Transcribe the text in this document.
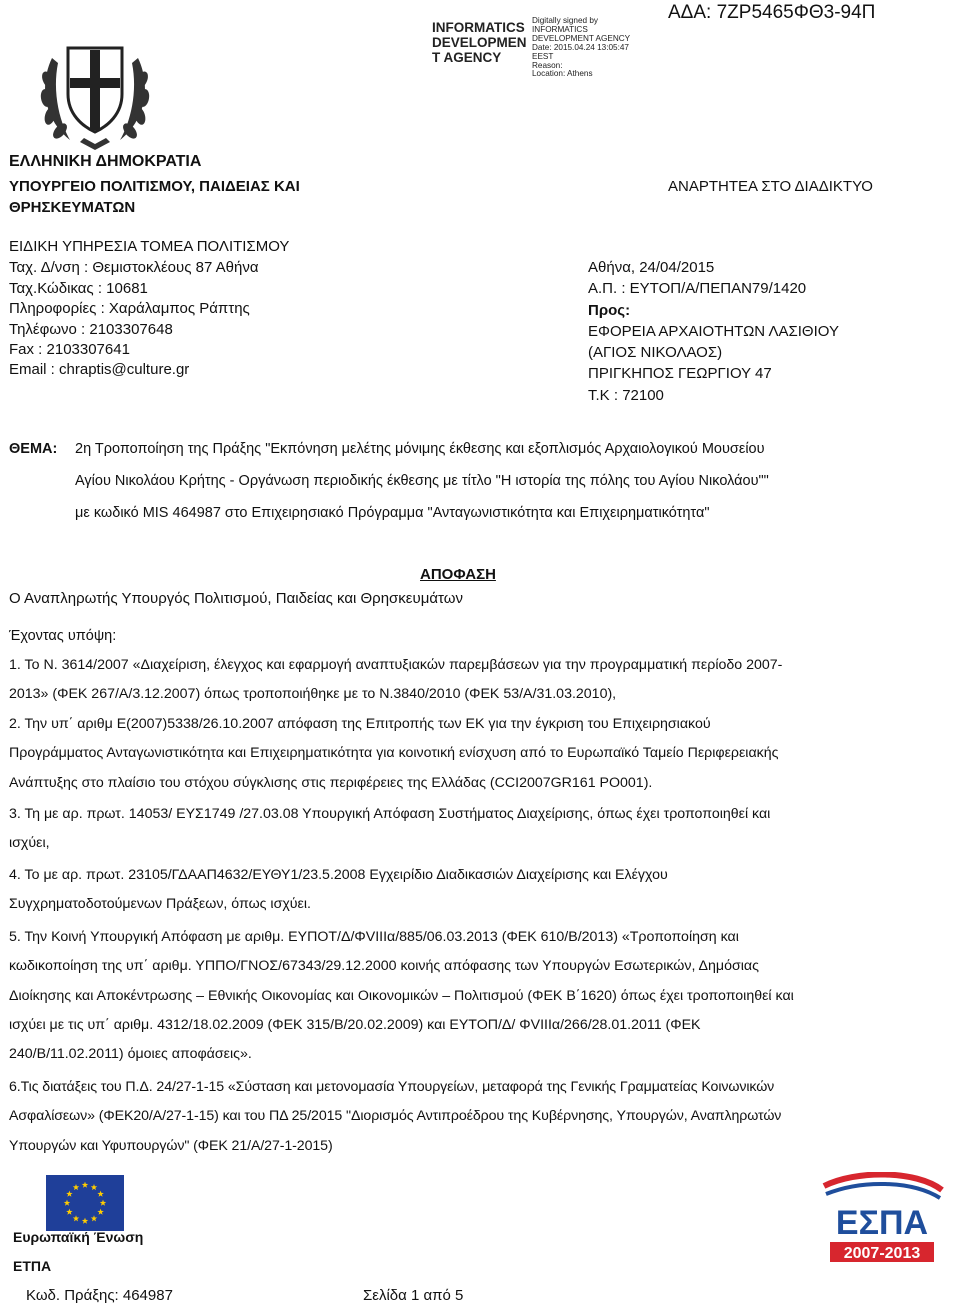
ΑΔΑ: 7ΖΡ5465ΦΘ3-94Π
INFORMATICS
DEVELOPMEN
T AGENCY
Digitally signed by
INFORMATICS
DEVELOPMENT AGENCY
Date: 2015.04.24 13:05:47
EEST
Reason:
Location: Athens
ΕΛΛΗΝΙΚΗ ΔΗΜΟΚΡΑΤΙΑ
ΥΠΟΥΡΓΕΙΟ ΠΟΛΙΤΙΣΜΟΥ, ΠΑΙΔΕΙΑΣ ΚΑΙ
ΘΡΗΣΚΕΥΜΑΤΩΝ
ΑΝΑΡΤΗΤΕΑ ΣΤΟ ΔΙΑΔΙΚΤΥΟ
ΕΙΔΙΚΗ ΥΠΗΡΕΣΙΑ ΤΟΜΕΑ ΠΟΛΙΤΙΣΜΟΥ
Ταχ. Δ/νση : Θεμιστοκλέους 87 Αθήνα
Ταχ.Κώδικας : 10681
Πληροφορίες : Χαράλαμπος Ράπτης
Τηλέφωνο : 2103307648
Fax : 2103307641
Email : chraptis@culture.gr
Αθήνα, 24/04/2015
Α.Π. : ΕΥΤΟΠ/Α/ΠΕΠΑΝ79/1420
Προς:
ΕΦΟΡΕΙΑ ΑΡΧΑΙΟΤΗΤΩΝ ΛΑΣΙΘΙΟΥ
(ΑΓΙΟΣ ΝΙΚΟΛΑΟΣ)
ΠΡΙΓΚΗΠΟΣ ΓΕΩΡΓΙΟΥ 47
Τ.Κ : 72100
ΘΕΜΑ: 2η Τροποποίηση της Πράξης "Εκπόνηση μελέτης μόνιμης έκθεσης και εξοπλισμός Αρχαιολογικού Μουσείου
Αγίου Νικολάου Κρήτης - Οργάνωση περιοδικής έκθεσης με τίτλο "Η ιστορία της πόλης του Αγίου Νικολάου""
με κωδικό MIS 464987 στο Επιχειρησιακό Πρόγραμμα "Ανταγωνιστικότητα και Επιχειρηματικότητα"
ΑΠΟΦΑΣΗ
Ο Αναπληρωτής Υπουργός Πολιτισμού, Παιδείας και Θρησκευμάτων
Έχοντας υπόψη:
1. Το Ν. 3614/2007 «Διαχείριση, έλεγχος και εφαρμογή αναπτυξιακών παρεμβάσεων για την προγραμματική περίοδο 2007-
2013» (ΦΕΚ 267/Α/3.12.2007) όπως τροποποιήθηκε με το Ν.3840/2010 (ΦΕΚ 53/Α/31.03.2010),
2. Την υπ΄ αριθμ Ε(2007)5338/26.10.2007 απόφαση της Επιτροπής των ΕΚ για την έγκριση του Επιχειρησιακού
Προγράμματος Ανταγωνιστικότητα και Επιχειρηματικότητα για κοινοτική ενίσχυση από το Ευρωπαϊκό Ταμείο Περιφερειακής
Ανάπτυξης στο πλαίσιο του στόχου σύγκλισης στις περιφέρειες της Ελλάδας (CCI2007GR161 PO001).
3. Τη με αρ. πρωτ. 14053/ ΕΥΣ1749 /27.03.08 Υπουργική Απόφαση Συστήματος Διαχείρισης, όπως έχει τροποποιηθεί και
ισχύει,
4. Το με αρ. πρωτ. 23105/ΓΔΑΑΠ4632/ΕΥΘΥ1/23.5.2008 Εγχειρίδιο Διαδικασιών Διαχείρισης και Ελέγχου
Συγχρηματοδοτούμενων Πράξεων, όπως ισχύει.
5. Την Κοινή Υπουργική Απόφαση με αριθμ. ΕΥΠΟΤ/Δ/ΦVIIIα/885/06.03.2013 (ΦΕΚ 610/Β/2013) «Τροποποίηση και
κωδικοποίηση της υπ΄ αριθμ. ΥΠΠΟ/ΓΝΟΣ/67343/29.12.2000 κοινής απόφασης των Υπουργών Εσωτερικών, Δημόσιας
Διοίκησης και Αποκέντρωσης – Εθνικής Οικονομίας και Οικονομικών – Πολιτισμού (ΦΕΚ Β΄1620) όπως έχει τροποποιηθεί και
ισχύει με τις υπ΄ αριθμ. 4312/18.02.2009 (ΦΕΚ 315/Β/20.02.2009) και ΕΥΤΟΠ/Δ/ ΦVIIIα/266/28.01.2011 (ΦΕΚ
240/Β/11.02.2011) όμοιες αποφάσεις».
6.Τις διατάξεις του Π.Δ. 24/27-1-15 «Σύσταση και μετονομασία Υπουργείων, μεταφορά της Γενικής Γραμματείας Κοινωνικών
Ασφαλίσεων» (ΦΕΚ20/Α/27-1-15) και του ΠΔ 25/2015 "Διορισμός Αντιπροέδρου της Κυβέρνησης, Υπουργών, Αναπληρωτών
Υπουργών και Υφυπουργών" (ΦΕΚ 21/Α/27-1-2015)
Ευρωπαϊκή Ένωση
ΕΤΠΑ
ΕΣΠΑ
2007-2013
Κωδ. Πράξης: 464987	Σελίδα 1 από 5
